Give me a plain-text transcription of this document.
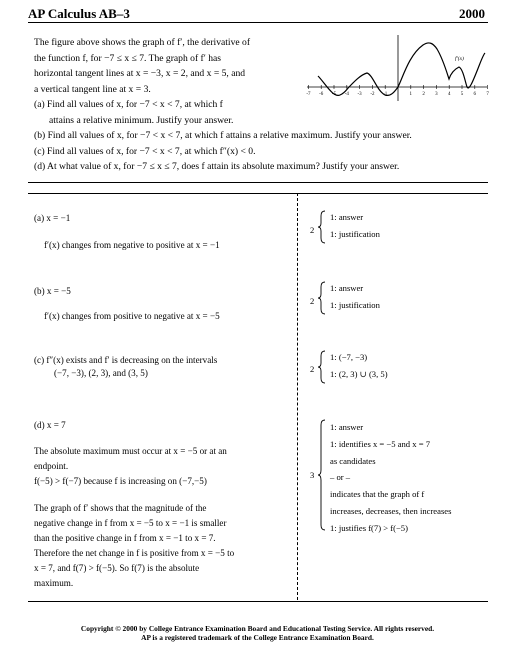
AP Calculus AB–3	2000
The figure above shows the graph of f′, the derivative of
the function f, for −7 ≤ x ≤ 7. The graph of f′ has
horizontal tangent lines at x = −3, x = 2, and x = 5, and
a vertical tangent line at x = 3.
(a) Find all values of x, for −7 < x < 7, at which f
attains a relative minimum. Justify your answer.
(b) Find all values of x, for −7 < x < 7, at which f attains a relative maximum. Justify your answer.
(c) Find all values of x, for −7 < x < 7, at which f″(x) < 0.
(d) At what value of x, for −7 ≤ x ≤ 7, does f attain its absolute maximum? Justify your answer.
-7 -6 -5 -4 -3 -2 -1	1 2 3 4 5 6 7
f′(x)
(a) x = −1
f′(x) changes from negative to positive at x = −1
2
1: answer
1: justification
(b) x = −5
f′(x) changes from positive to negative at x = −5
2
1: answer
1: justification
(c) f″(x) exists and f′ is decreasing on the intervals
(−7, −3), (2, 3), and (3, 5)	2
1: (−7, −3)
1: (2, 3) ∪ (3, 5)
(d) x = 7
The absolute maximum must occur at x = −5 or at an
endpoint.
f(−5) > f(−7) because f is increasing on (−7,−5)
The graph of f′ shows that the magnitude of the
negative change in f from x = −5 to x = −1 is smaller
than the positive change in f from x = −1 to x = 7.
Therefore the net change in f is positive from x = −5 to
x = 7, and f(7) > f(−5). So f(7) is the absolute
maximum.
3
1: answer
1: identifies x = −5 and x = 7
as candidates
– or –
indicates that the graph of f
increases, decreases, then increases
1: justifies f(7) > f(−5)
Copyright © 2000 by College Entrance Examination Board and Educational Testing Service. All rights reserved.
AP is a registered trademark of the College Entrance Examination Board.
